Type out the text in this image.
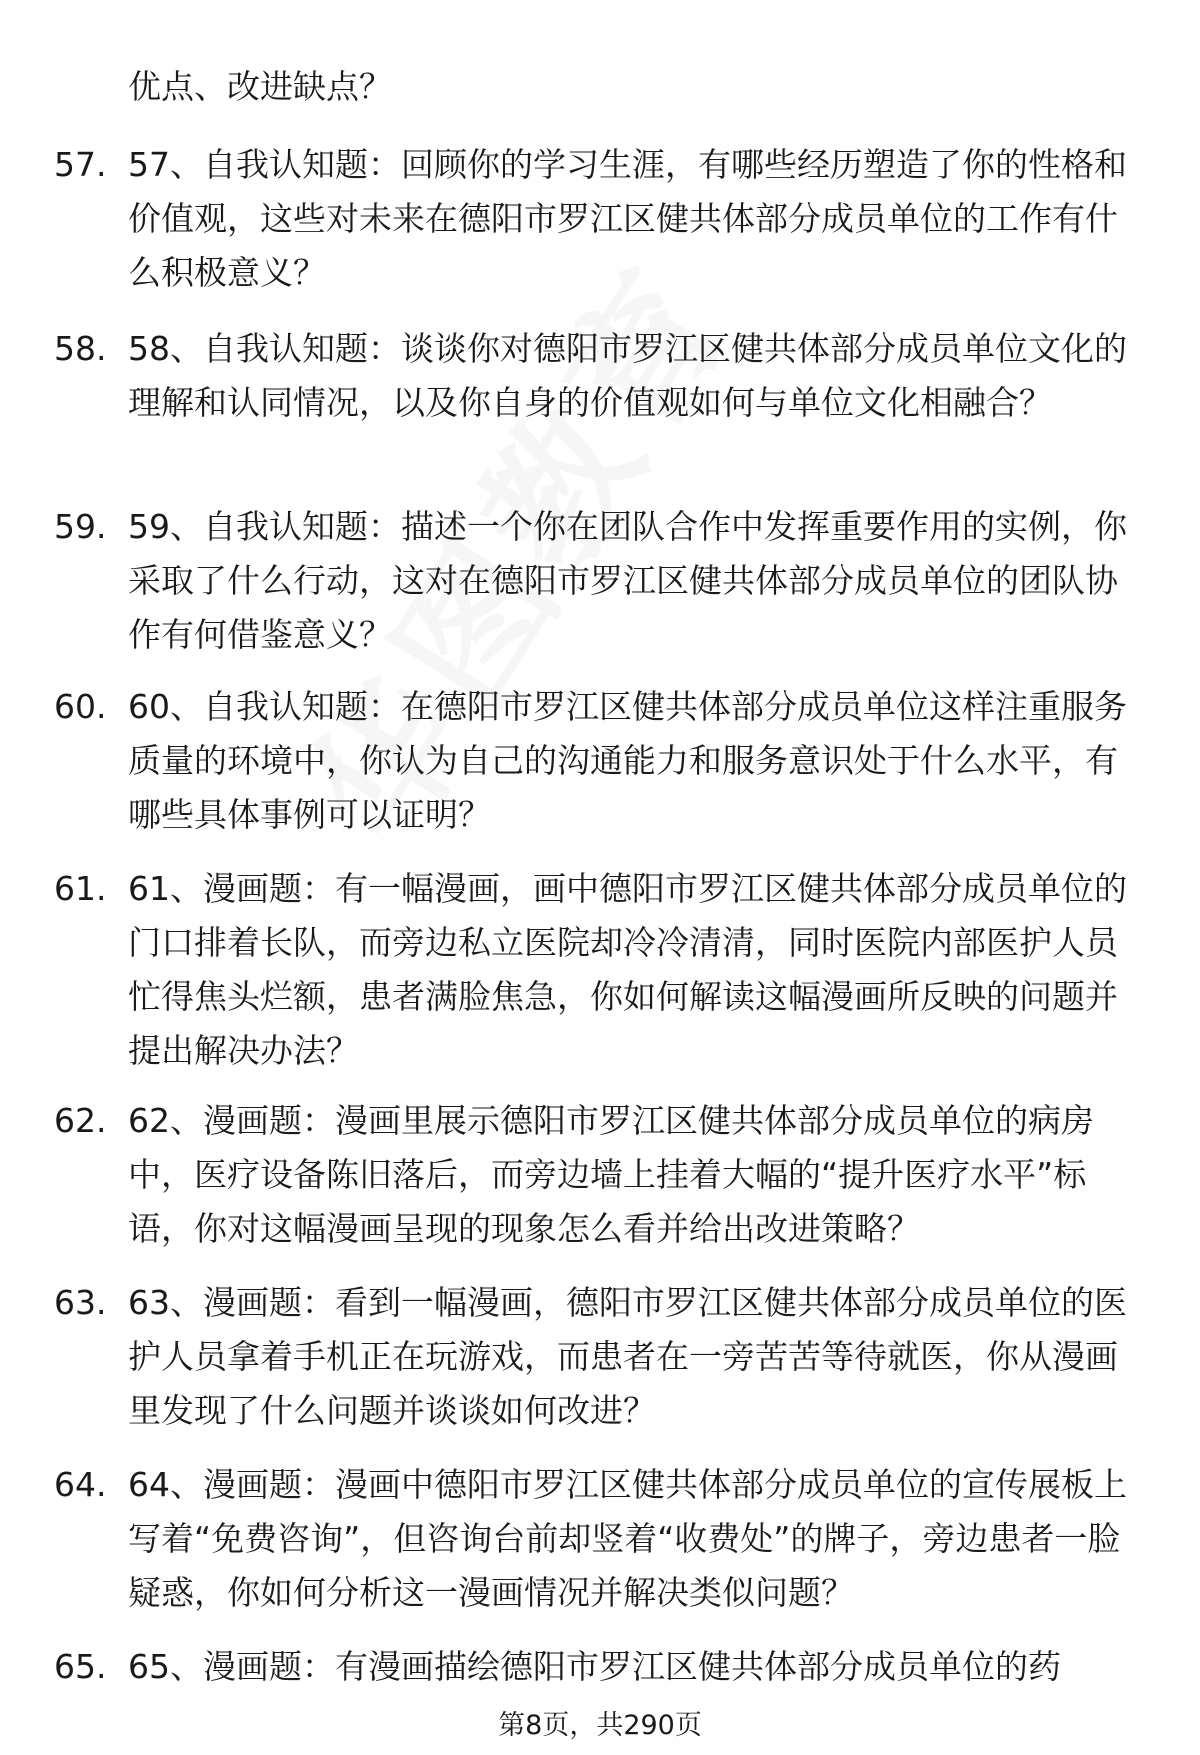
优点、改进缺点？
57. 57、自我认知题：回顾你的学习生涯，有哪些经历塑造了你的性格和价值观，这些对未来在德阳市罗江区健共体部分成员单位的工作有什么积极意义？
58. 58、自我认知题：谈谈你对德阳市罗江区健共体部分成员单位文化的理解和认同情况，以及你自身的价值观如何与单位文化相融合？
59. 59、自我认知题：描述一个你在团队合作中发挥重要作用的实例，你采取了什么行动，这对在德阳市罗江区健共体部分成员单位的团队协作有何借鉴意义？
60. 60、自我认知题：在德阳市罗江区健共体部分成员单位这样注重服务质量的环境中，你认为自己的沟通能力和服务意识处于什么水平，有哪些具体事例可以证明？
61. 61、漫画题：有一幅漫画，画中德阳市罗江区健共体部分成员单位的门口排着长队，而旁边私立医院却冷冷清清，同时医院内部医护人员忙得焦头烂额，患者满脸焦急，你如何解读这幅漫画所反映的问题并提出解决办法？
62. 62、漫画题：漫画里展示德阳市罗江区健共体部分成员单位的病房中，医疗设备陈旧落后，而旁边墙上挂着大幅的“提升医疗水平”标语，你对这幅漫画呈现的现象怎么看并给出改进策略？
63. 63、漫画题：看到一幅漫画，德阳市罗江区健共体部分成员单位的医护人员拿着手机正在玩游戏，而患者在一旁苦苦等待就医，你从漫画里发现了什么问题并谈谈如何改进？
64. 64、漫画题：漫画中德阳市罗江区健共体部分成员单位的宣传展板上写着“免费咨询”，但咨询台前却竖着“收费处”的牌子，旁边患者一脸疑惑，你如何分析这一漫画情况并解决类似问题？
65. 65、漫画题：有漫画描绘德阳市罗江区健共体部分成员单位的药
第8页，共290页
